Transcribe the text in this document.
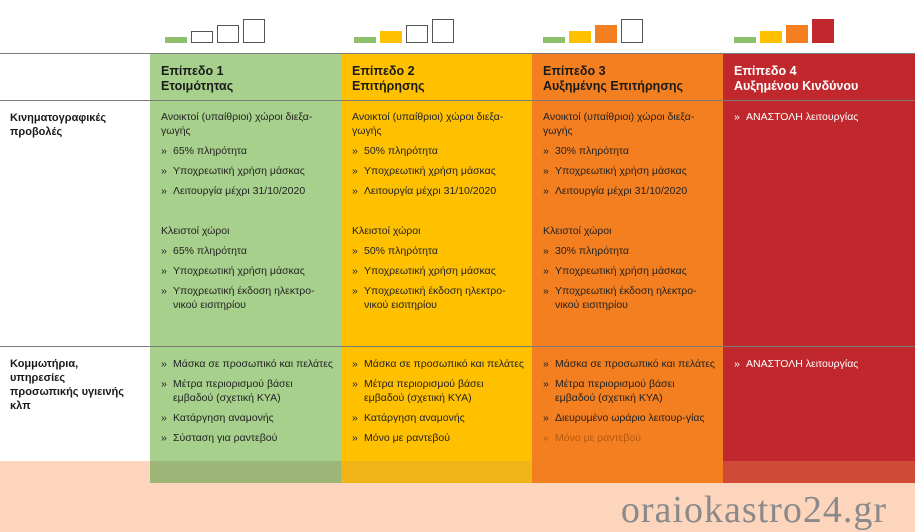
Επίπεδο 1
Ετοιμότητας
Επίπεδο 2
Επιτήρησης
Επίπεδο 3
Αυξημένης Επιτήρησης
Επίπεδο 4
Αυξημένου Κινδύνου
Κινηματογραφικές
προβολές
Κομμωτήρια,
υπηρεσίες
προσωπικής υγιεινής
κλπ
Ανοικτοί (υπαίθριοι) χώροι διεξα-γωγής
» 65% πληρότητα
» Υποχρεωτική χρήση μάσκας
» Λειτουργία μέχρι 31/10/2020
Κλειστοί χώροι
» 65% πληρότητα
» Υποχρεωτική χρήση μάσκας
» Υποχρεωτική έκδοση ηλεκτρο-νικού εισιτηρίου
Ανοικτοί (υπαίθριοι) χώροι διεξα-γωγής
» 50% πληρότητα
» Υποχρεωτική χρήση μάσκας
» Λειτουργία μέχρι 31/10/2020
Κλειστοί χώροι
» 50% πληρότητα
» Υποχρεωτική χρήση μάσκας
» Υποχρεωτική έκδοση ηλεκτρο-νικού εισιτηρίου
Ανοικτοί (υπαίθριοι) χώροι διεξα-γωγής
» 30% πληρότητα
» Υποχρεωτική χρήση μάσκας
» Λειτουργία μέχρι 31/10/2020
Κλειστοί χώροι
» 30% πληρότητα
» Υποχρεωτική χρήση μάσκας
» Υποχρεωτική έκδοση ηλεκτρο-νικού εισιτηρίου
» ΑΝΑΣΤΟΛΗ λειτουργίας
» Μάσκα σε προσωπικό και πελάτες
» Μέτρα περιορισμού βάσει εμβαδού (σχετική ΚΥΑ)
» Κατάργηση αναμονής
» Σύσταση για ραντεβού
» Μάσκα σε προσωπικό και πελάτες
» Μέτρα περιορισμού βάσει εμβαδού (σχετική ΚΥΑ)
» Κατάργηση αναμονής
» Μόνο με ραντεβού
» Μάσκα σε προσωπικό και πελάτες
» Μέτρα περιορισμού βάσει εμβαδού (σχετική ΚΥΑ)
» Διευρυμένο ωράριο λειτουρ-γίας
» Μόνο με ραντεβού
» ΑΝΑΣΤΟΛΗ λειτουργίας
oraiokastro24.gr
